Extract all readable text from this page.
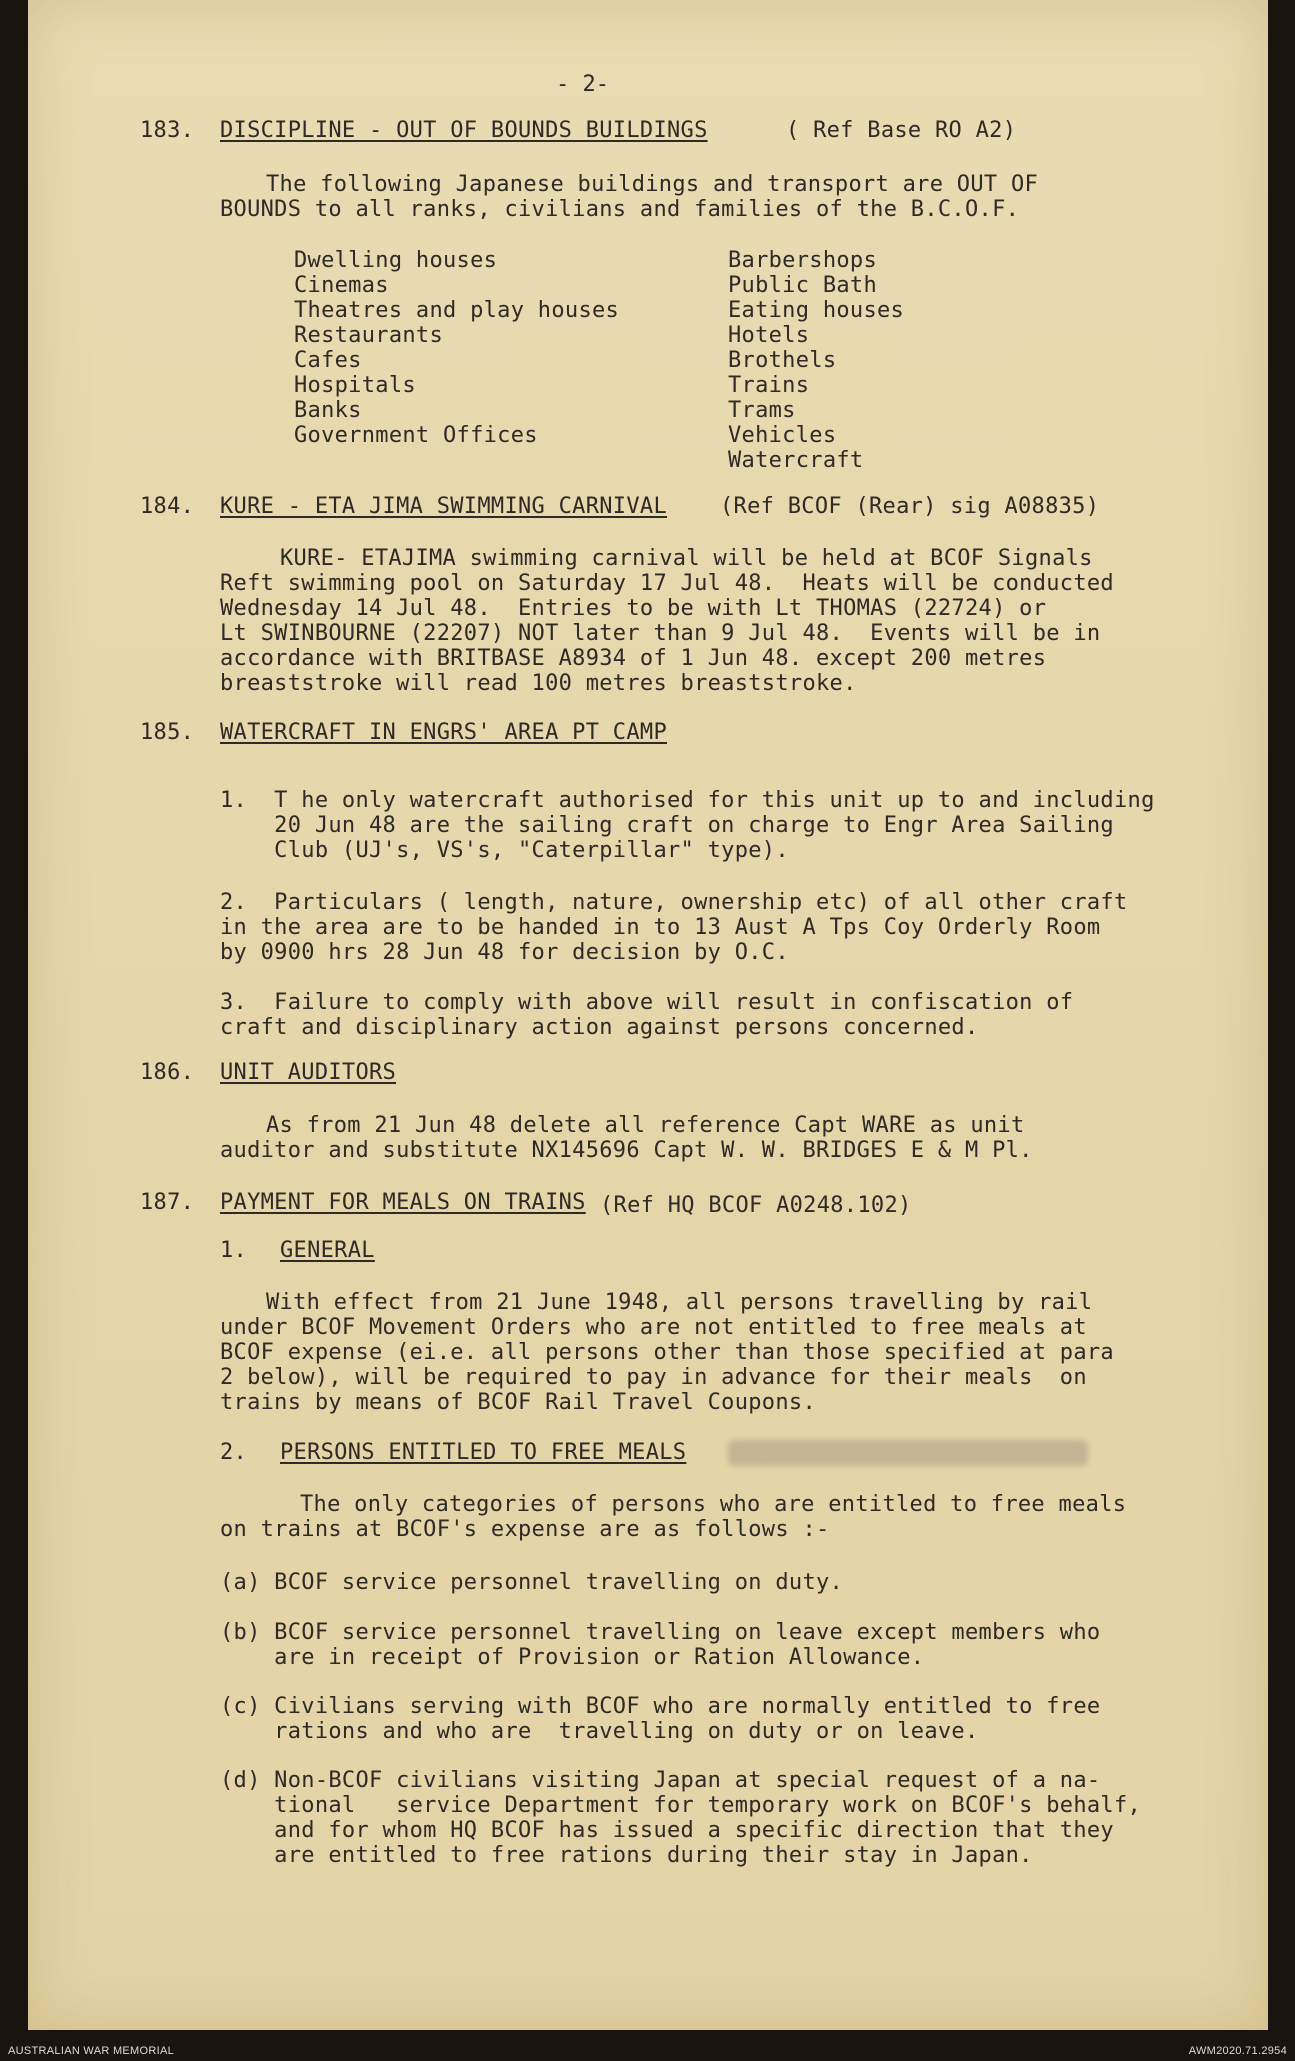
- 2-
183. DISCIPLINE - OUT OF BOUNDS BUILDINGS	( Ref Base RO A2)
The following Japanese buildings and transport are OUT OF
BOUNDS to all ranks, civilians and families of the B.C.O.F.
Dwelling houses
Cinemas
Theatres and play houses
Restaurants
Cafes
Hospitals
Banks
Government Offices
Barbershops
Public Bath
Eating houses
Hotels
Brothels
Trains
Trams
Vehicles
Watercraft
184. KURE - ETA JIMA SWIMMING CARNIVAL (Ref BCOF (Rear) sig A08835)
KURE- ETAJIMA swimming carnival will be held at BCOF Signals
Reft swimming pool on Saturday 17 Jul 48.  Heats will be conducted
Wednesday 14 Jul 48.  Entries to be with Lt THOMAS (22724) or
Lt SWINBOURNE (22207) NOT later than 9 Jul 48.  Events will be in
accordance with BRITBASE A8934 of 1 Jun 48. except 200 metres
breaststroke will read 100 metres breaststroke.
185. WATERCRAFT IN ENGRS' AREA PT CAMP
1.  T he only watercraft authorised for this unit up to and including
20 Jun 48 are the sailing craft on charge to Engr Area Sailing
Club (UJ's, VS's, "Caterpillar" type).
2.  Particulars ( length, nature, ownership etc) of all other craft
in the area are to be handed in to 13 Aust A Tps Coy Orderly Room
by 0900 hrs 28 Jun 48 for decision by O.C.
3.  Failure to comply with above will result in confiscation of
craft and disciplinary action against persons concerned.
186. UNIT AUDITORS
As from 21 Jun 48 delete all reference Capt WARE as unit
auditor and substitute NX145696 Capt W. W. BRIDGES E & M Pl.
187. PAYMENT FOR MEALS ON TRAINS (Ref HQ BCOF A0248.102)
1. GENERAL
With effect from 21 June 1948, all persons travelling by rail
under BCOF Movement Orders who are not entitled to free meals at
BCOF expense (ei.e. all persons other than those specified at para
2 below), will be required to pay in advance for their meals  on
trains by means of BCOF Rail Travel Coupons.
2. PERSONS ENTITLED TO FREE MEALS
The only categories of persons who are entitled to free meals
on trains at BCOF's expense are as follows :-
(a) BCOF service personnel travelling on duty.
(b) BCOF service personnel travelling on leave except members who
are in receipt of Provision or Ration Allowance.
(c) Civilians serving with BCOF who are normally entitled to free
rations and who are  travelling on duty or on leave.
(d) Non-BCOF civilians visiting Japan at special request of a na-
tional   service Department for temporary work on BCOF's behalf,
and for whom HQ BCOF has issued a specific direction that they
are entitled to free rations during their stay in Japan.
AUSTRALIAN WAR MEMORIAL	AWM2020.71.2954
